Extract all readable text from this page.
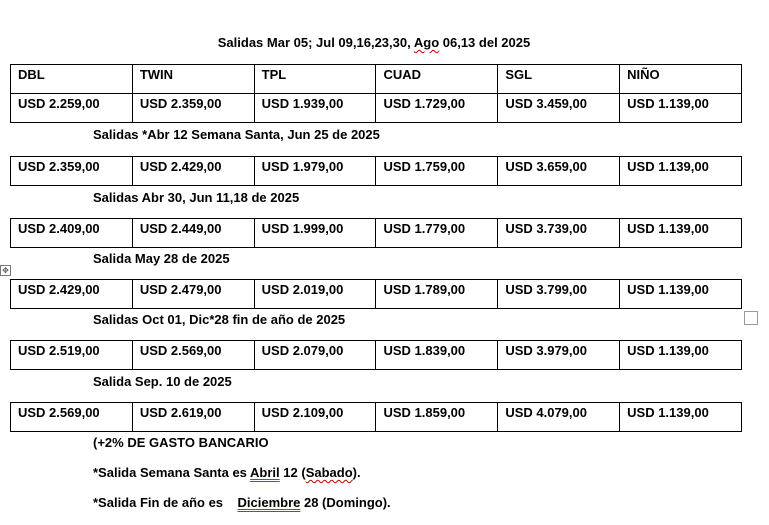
Salidas Mar 05; Jul 09,16,23,30, Ago 06,13 del 2025
✥
DBL	TWIN	TPL	CUAD	SGL	NIÑO
USD 2.259,00	USD 2.359,00	USD 1.939,00	USD 1.729,00	USD 3.459,00	USD 1.139,00
Salidas *Abr 12 Semana Santa, Jun 25 de 2025
USD 2.359,00	USD 2.429,00	USD 1.979,00	USD 1.759,00	USD 3.659,00	USD 1.139,00
Salidas Abr 30, Jun 11,18 de 2025
USD 2.409,00	USD 2.449,00	USD 1.999,00	USD 1.779,00	USD 3.739,00	USD 1.139,00
Salida May 28 de 2025
USD 2.429,00	USD 2.479,00	USD 2.019,00	USD 1.789,00	USD 3.799,00	USD 1.139,00
Salidas Oct 01, Dic*28 fin de año de 2025
USD 2.519,00	USD 2.569,00	USD 2.079,00	USD 1.839,00	USD 3.979,00	USD 1.139,00
Salida Sep. 10 de 2025
USD 2.569,00	USD 2.619,00	USD 2.109,00	USD 1.859,00	USD 4.079,00	USD 1.139,00
(+2% DE GASTO BANCARIO
*Salida Semana Santa es Abril 12 (Sabado).
*Salida Fin de año es    Diciembre 28 (Domingo).
